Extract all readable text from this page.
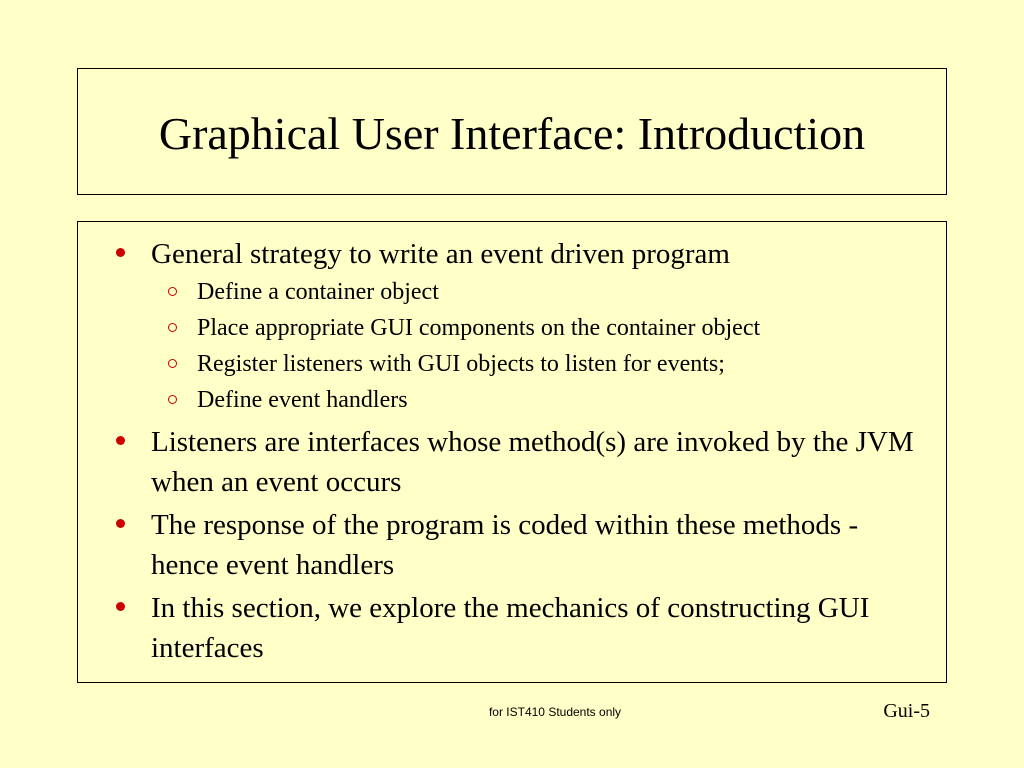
Graphical User Interface: Introduction
General strategy to write an event driven program
Define a container object
Place appropriate GUI components on the container object
Register listeners with GUI objects to listen for events;
Define event handlers
Listeners are interfaces whose method(s) are invoked by the JVM when an event occurs
The response of the program is coded within these methods - hence event handlers
In this section, we explore the mechanics of constructing GUI interfaces
for IST410 Students only	Gui-5
